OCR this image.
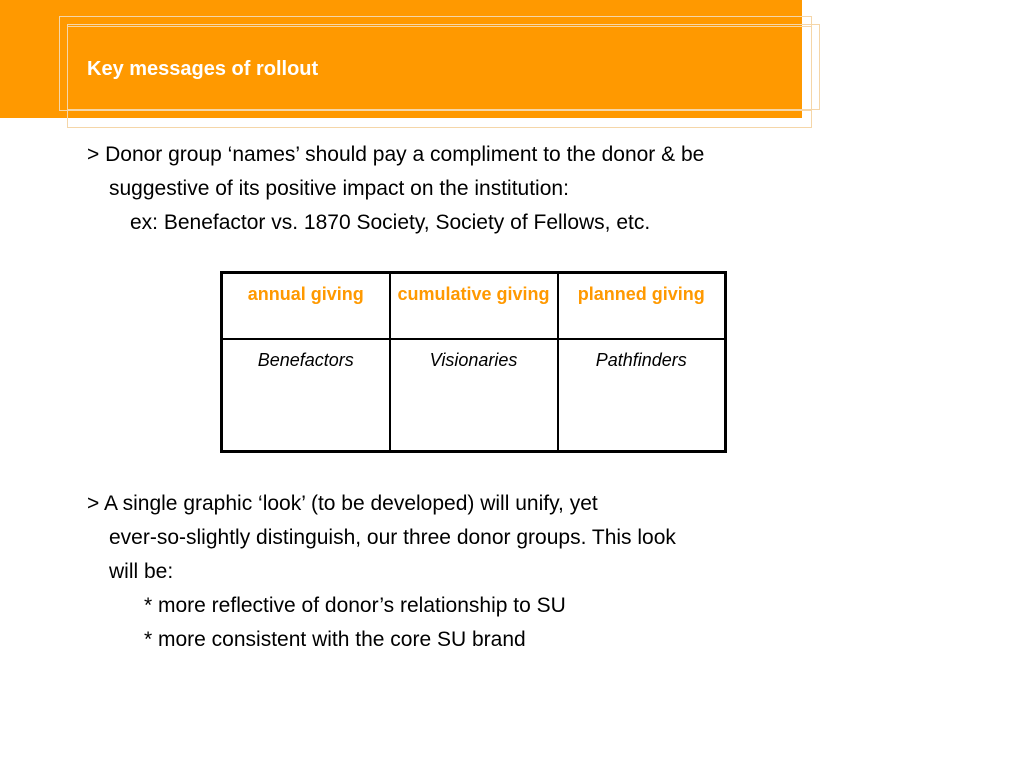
Key messages of rollout
> Donor group ‘names’ should pay a compliment to the donor & be
suggestive of its positive impact on the institution:
ex: Benefactor vs. 1870 Society, Society of Fellows, etc.
annual giving	cumulative giving	planned giving
Benefactors	Visionaries	Pathfinders
> A single graphic ‘look’ (to be developed) will unify, yet
ever-so-slightly distinguish, our three donor groups. This look
will be:
* more reflective of donor’s relationship to SU
* more consistent with the core SU brand
